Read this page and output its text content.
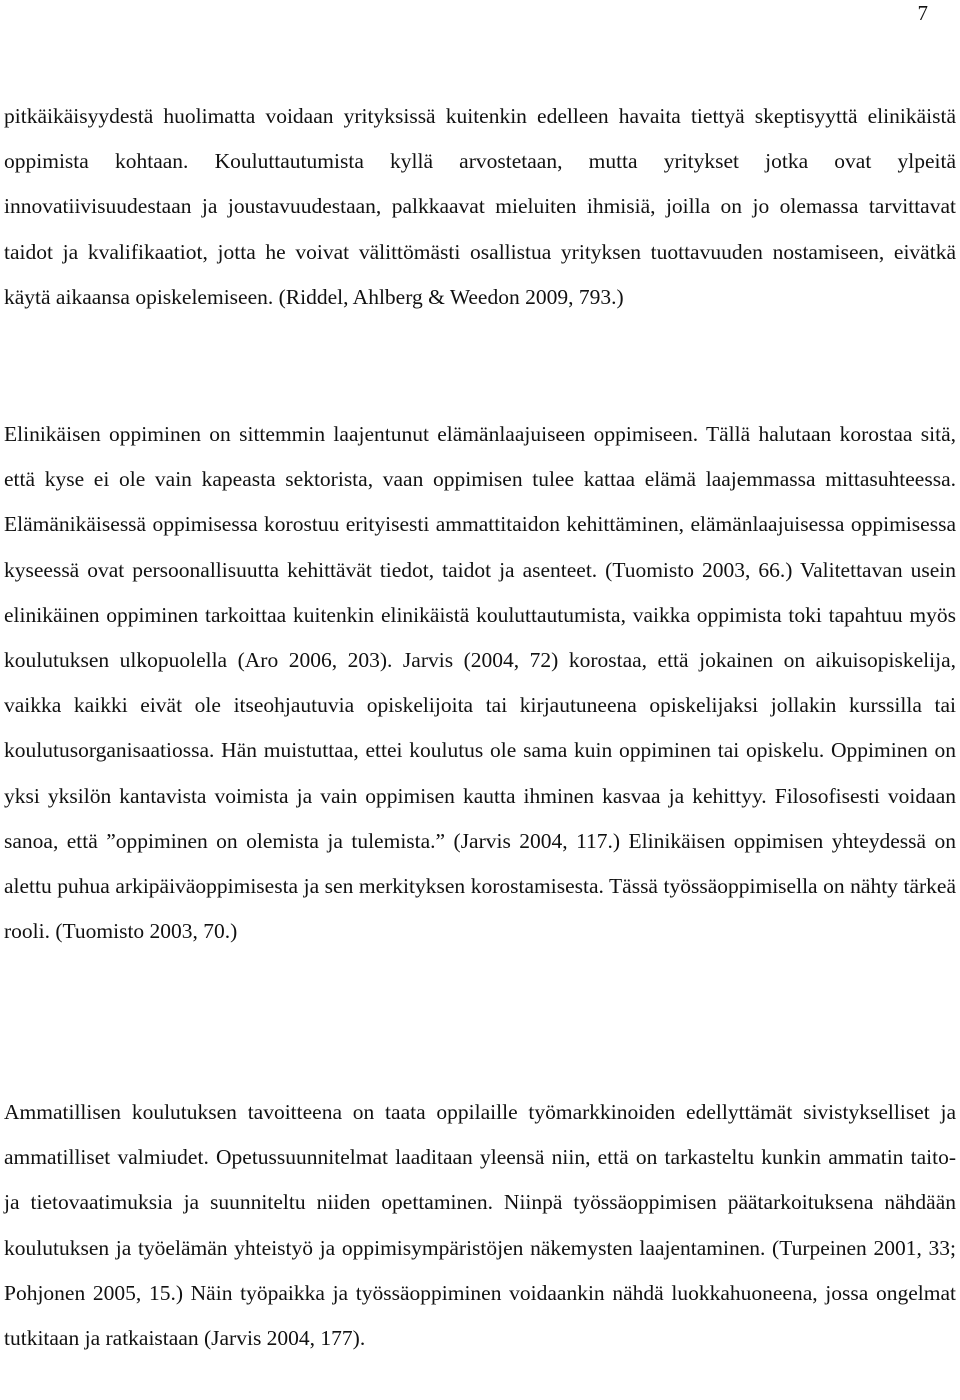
7

pitkäikäisyydestä huolimatta voidaan yrityksissä kuitenkin edelleen havaita tiettyä skeptisyyttä elinikäistä oppimista kohtaan. Kouluttautumista kyllä arvostetaan, mutta yritykset jotka ovat ylpeitä innovatiivisuudestaan ja joustavuudestaan, palkkaavat mieluiten ihmisiä, joilla on jo olemassa tarvittavat taidot ja kvalifikaatiot, jotta he voivat välittömästi osallistua yrityksen tuottavuuden nostamiseen, eivätkä käytä aikaansa opiskelemiseen. (Riddel, Ahlberg & Weedon 2009, 793.)

Elinikäisen oppiminen on sittemmin laajentunut elämänlaajuiseen oppimiseen. Tällä halutaan korostaa sitä, että kyse ei ole vain kapeasta sektorista, vaan oppimisen tulee kattaa elämä laajemmassa mittasuhteessa. Elämänikäisessä oppimisessa korostuu erityisesti ammattitaidon kehittäminen, elämänlaajuisessa oppimisessa kyseessä ovat persoonallisuutta kehittävät tiedot, taidot ja asenteet. (Tuomisto 2003, 66.) Valitettavan usein elinikäinen oppiminen tarkoittaa kuitenkin elinikäistä kouluttautumista, vaikka oppimista toki tapahtuu myös koulutuksen ulkopuolella (Aro 2006, 203). Jarvis (2004, 72) korostaa, että jokainen on aikuisopiskelija, vaikka kaikki eivät ole itseohjautuvia opiskelijoita tai kirjautuneena opiskelijaksi jollakin kurssilla tai koulutusorganisaatiossa. Hän muistuttaa, ettei koulutus ole sama kuin oppiminen tai opiskelu. Oppiminen on yksi yksilön kantavista voimista ja vain oppimisen kautta ihminen kasvaa ja kehittyy. Filosofisesti voidaan sanoa, että ”oppiminen on olemista ja tulemista.” (Jarvis 2004, 117.) Elinikäisen oppimisen yhteydessä on alettu puhua arkipäiväoppimisesta ja sen merkityksen korostamisesta. Tässä työssäoppimisella on nähty tärkeä rooli. (Tuomisto 2003, 70.)

Ammatillisen koulutuksen tavoitteena on taata oppilaille työmarkkinoiden edellyttämät sivistykselliset ja ammatilliset valmiudet. Opetussuunnitelmat laaditaan yleensä niin, että on tarkasteltu kunkin ammatin taito- ja tietovaatimuksia ja suunniteltu niiden opettaminen. Niinpä työssäoppimisen päätarkoituksena nähdään koulutuksen ja työelämän yhteistyö ja oppimisympäristöjen näkemysten laajentaminen. (Turpeinen 2001, 33; Pohjonen 2005, 15.) Näin työpaikka ja työssäoppiminen voidaankin nähdä luokkahuoneena, jossa ongelmat tutkitaan ja ratkaistaan (Jarvis 2004, 177).
